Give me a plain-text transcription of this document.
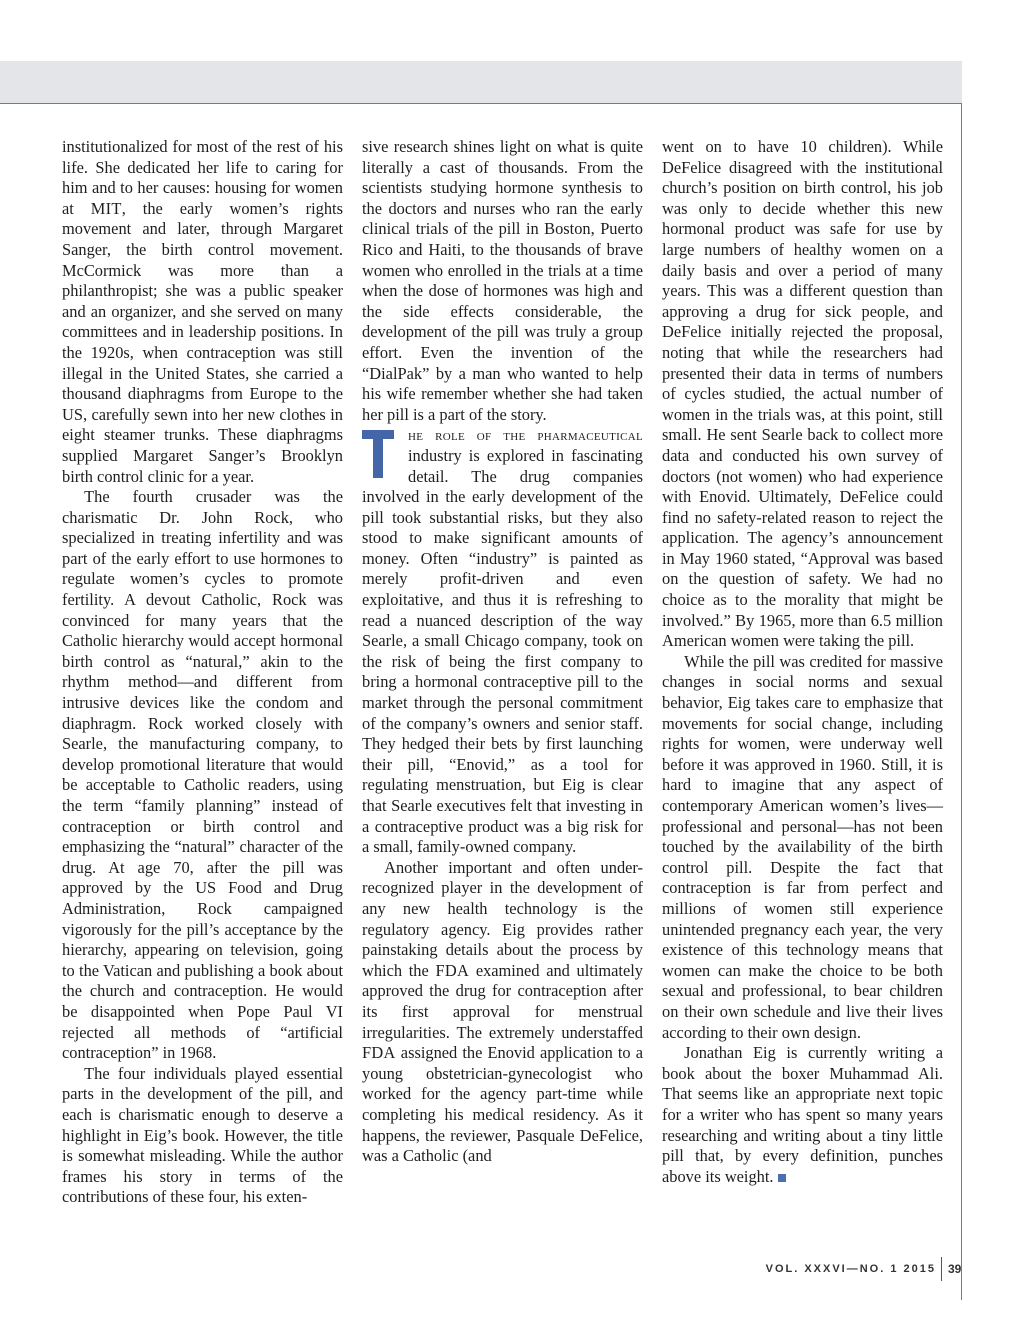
institutionalized for most of the rest of his life. She dedicated her life to caring for him and to her causes: housing for women at MIT, the early women’s rights movement and later, through Margaret Sanger, the birth control movement. McCormick was more than a philanthropist; she was a public speaker and an organizer, and she served on many committees and in leadership positions. In the 1920s, when contraception was still illegal in the United States, she carried a thousand diaphragms from Europe to the US, carefully sewn into her new clothes in eight steamer trunks. These diaphragms supplied Margaret Sanger’s Brooklyn birth control clinic for a year.

The fourth crusader was the charismatic Dr. John Rock, who specialized in treating infertility and was part of the early effort to use hormones to regulate women’s cycles to promote fertility. A devout Catholic, Rock was convinced for many years that the Catholic hierarchy would accept hormonal birth control as “natural,” akin to the rhythm method—and different from intrusive devices like the condom and diaphragm. Rock worked closely with Searle, the manufacturing company, to develop promotional literature that would be acceptable to Catholic readers, using the term “family planning” instead of contraception or birth control and emphasizing the “natural” character of the drug. At age 70, after the pill was approved by the US Food and Drug Administration, Rock campaigned vigorously for the pill’s acceptance by the hierarchy, appearing on television, going to the Vatican and publishing a book about the church and contraception. He would be disappointed when Pope Paul VI rejected all methods of “artificial contraception” in 1968.

The four individuals played essential parts in the development of the pill, and each is charismatic enough to deserve a highlight in Eig’s book. However, the title is somewhat misleading. While the author frames his story in terms of the contributions of these four, his exten-

sive research shines light on what is quite literally a cast of thousands. From the scientists studying hormone synthesis to the doctors and nurses who ran the early clinical trials of the pill in Boston, Puerto Rico and Haiti, to the thousands of brave women who enrolled in the trials at a time when the dose of hormones was high and the side effects considerable, the development of the pill was truly a group effort. Even the invention of the “DialPak” by a man who wanted to help his wife remember whether she had taken her pill is a part of the story.

he role of the pharmaceutical industry is explored in fascinating detail. The drug companies involved in the early development of the pill took substantial risks, but they also stood to make significant amounts of money. Often “industry” is painted as merely profit-driven and even exploitative, and thus it is refreshing to read a nuanced description of the way Searle, a small Chicago company, took on the risk of being the first company to bring a hormonal contraceptive pill to the market through the personal commitment of the company’s owners and senior staff. They hedged their bets by first launching their pill, “Enovid,” as a tool for regulating menstruation, but Eig is clear that Searle executives felt that investing in a contraceptive product was a big risk for a small, family-owned company.

Another important and often under-recognized player in the development of any new health technology is the regulatory agency. Eig provides rather painstaking details about the process by which the FDA examined and ultimately approved the drug for contraception after its first approval for menstrual irregularities. The extremely understaffed FDA assigned the Enovid application to a young obstetrician-gynecologist who worked for the agency part-time while completing his medical residency. As it happens, the reviewer, Pasquale DeFelice, was a Catholic (and

went on to have 10 children). While DeFelice disagreed with the institutional church’s position on birth control, his job was only to decide whether this new hormonal product was safe for use by large numbers of healthy women on a daily basis and over a period of many years. This was a different question than approving a drug for sick people, and DeFelice initially rejected the proposal, noting that while the researchers had presented their data in terms of numbers of cycles studied, the actual number of women in the trials was, at this point, still small. He sent Searle back to collect more data and conducted his own survey of doctors (not women) who had experience with Enovid. Ultimately, DeFelice could find no safety-related reason to reject the application. The agency’s announcement in May 1960 stated, “Approval was based on the question of safety. We had no choice as to the morality that might be involved.” By 1965, more than 6.5 million American women were taking the pill.

While the pill was credited for massive changes in social norms and sexual behavior, Eig takes care to emphasize that movements for social change, including rights for women, were underway well before it was approved in 1960. Still, it is hard to imagine that any aspect of contemporary American women’s lives—professional and personal—has not been touched by the availability of the birth control pill. Despite the fact that contraception is far from perfect and millions of women still experience unintended pregnancy each year, the very existence of this technology means that women can make the choice to be both sexual and professional, to bear children on their own schedule and live their lives according to their own design.

Jonathan Eig is currently writing a book about the boxer Muhammad Ali. That seems like an appropriate next topic for a writer who has spent so many years researching and writing about a tiny little pill that, by every definition, punches above its weight.

VOL. XXXVI—NO. 1 2015 39
